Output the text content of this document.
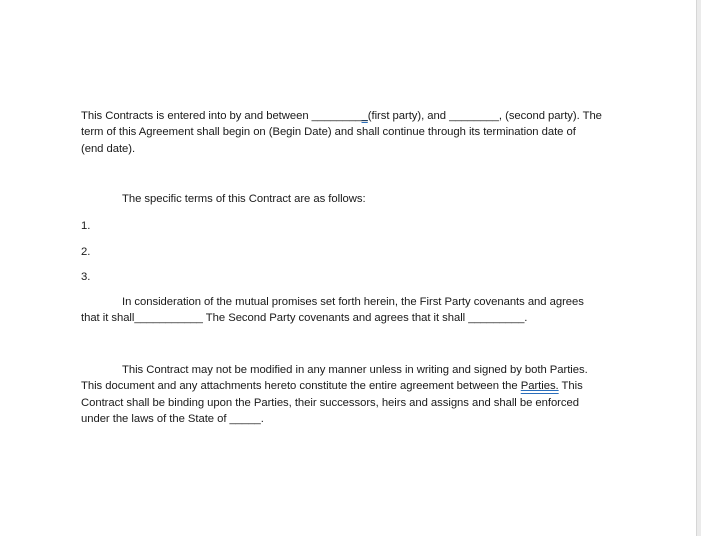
This Contracts is entered into by and between _________(first party), and ________, (second party). The
term of this Agreement shall begin on (Begin Date) and shall continue through its termination date of
(end date).
The specific terms of this Contract are as follows:
1.
2.
3.
In consideration of the mutual promises set forth herein, the First Party covenants and agrees
that it shall___________ The Second Party covenants and agrees that it shall _________.
This Contract may not be modified in any manner unless in writing and signed by both Parties.
This document and any attachments hereto constitute the entire agreement between the Parties. This
Contract shall be binding upon the Parties, their successors, heirs and assigns and shall be enforced
under the laws of the State of _____.
